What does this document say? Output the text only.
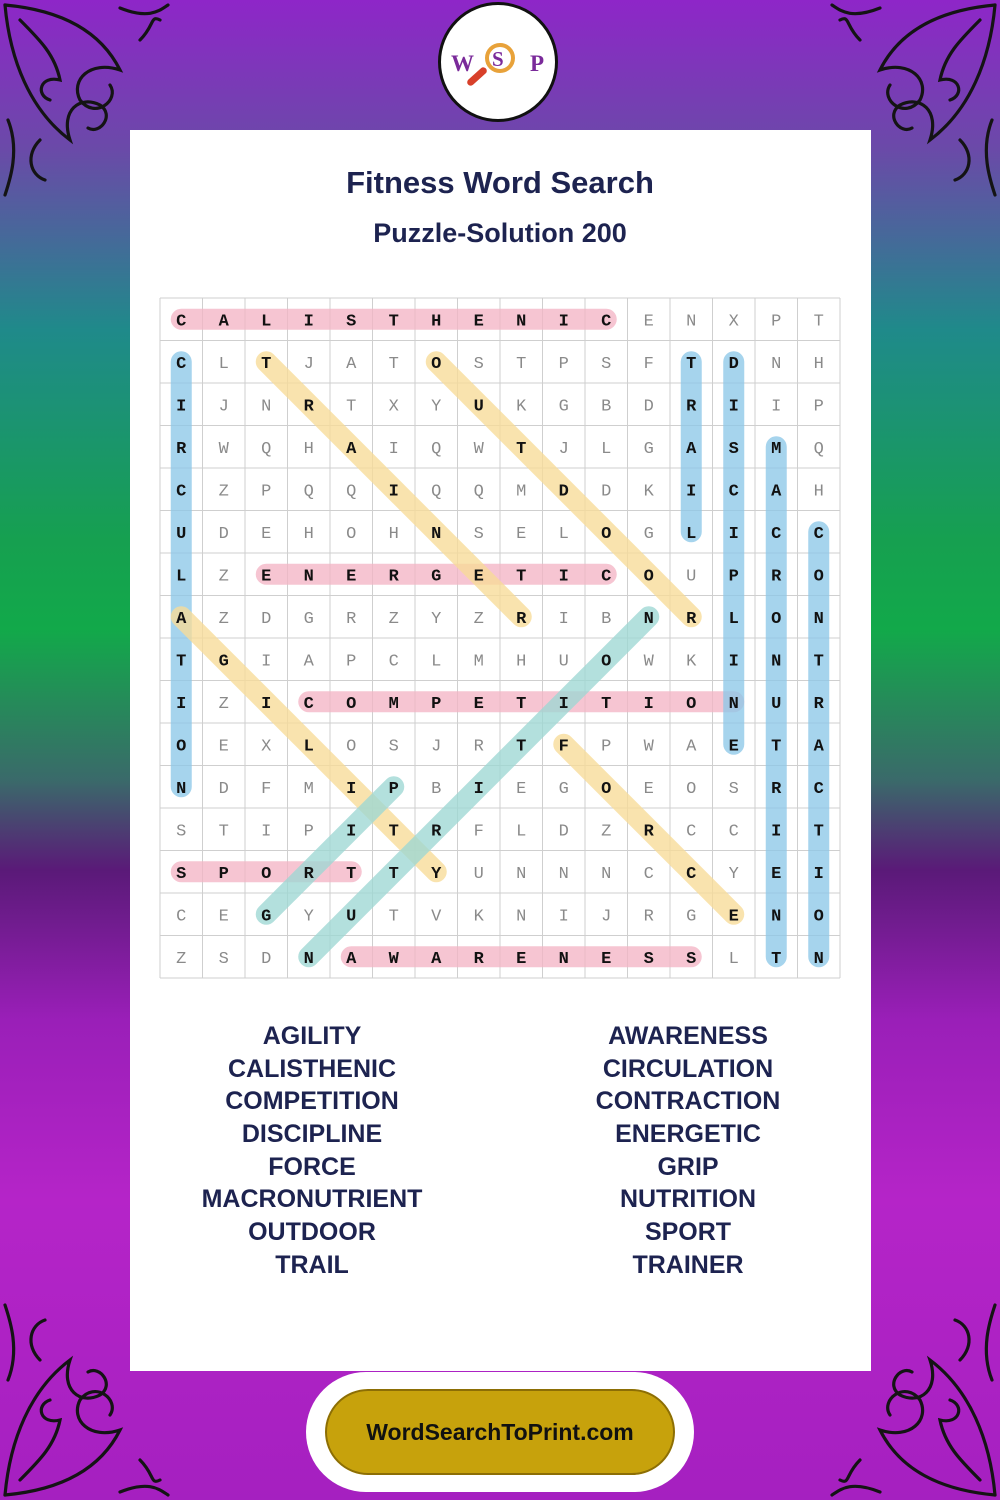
W S P
Fitness Word Search
Puzzle-Solution 200
C A L I S T H E N I C E N X P T
C L T J A T O S T P S F T D N H
I J N R T X Y U K G B D R I I P
R W Q H A I Q W T J L G A S M Q
C Z P Q Q I Q Q M D D K I C A H
U D E H O H N S E L O G L I C C
L Z E N E R G E T I C O U P R O
A Z D G R Z Y Z R I B N R L O N
T G I A P C L M H U O W K I N T
I Z I C O M P E T I T I O N U R
O E X L O S J R T F P W A E T A
N D F M I P B I E G O E O S R C
S T I P I T R F L D Z R C C I T
S P O R T T Y U N N N C C Y E I
C E G Y U T V K N I J R G E N O
Z S D N A W A R E N E S S L T N
AGILITY
CALISTHENIC
COMPETITION
DISCIPLINE
FORCE
MACRONUTRIENT
OUTDOOR
TRAIL
AWARENESS
CIRCULATION
CONTRACTION
ENERGETIC
GRIP
NUTRITION
SPORT
TRAINER
WordSearchToPrint.com
